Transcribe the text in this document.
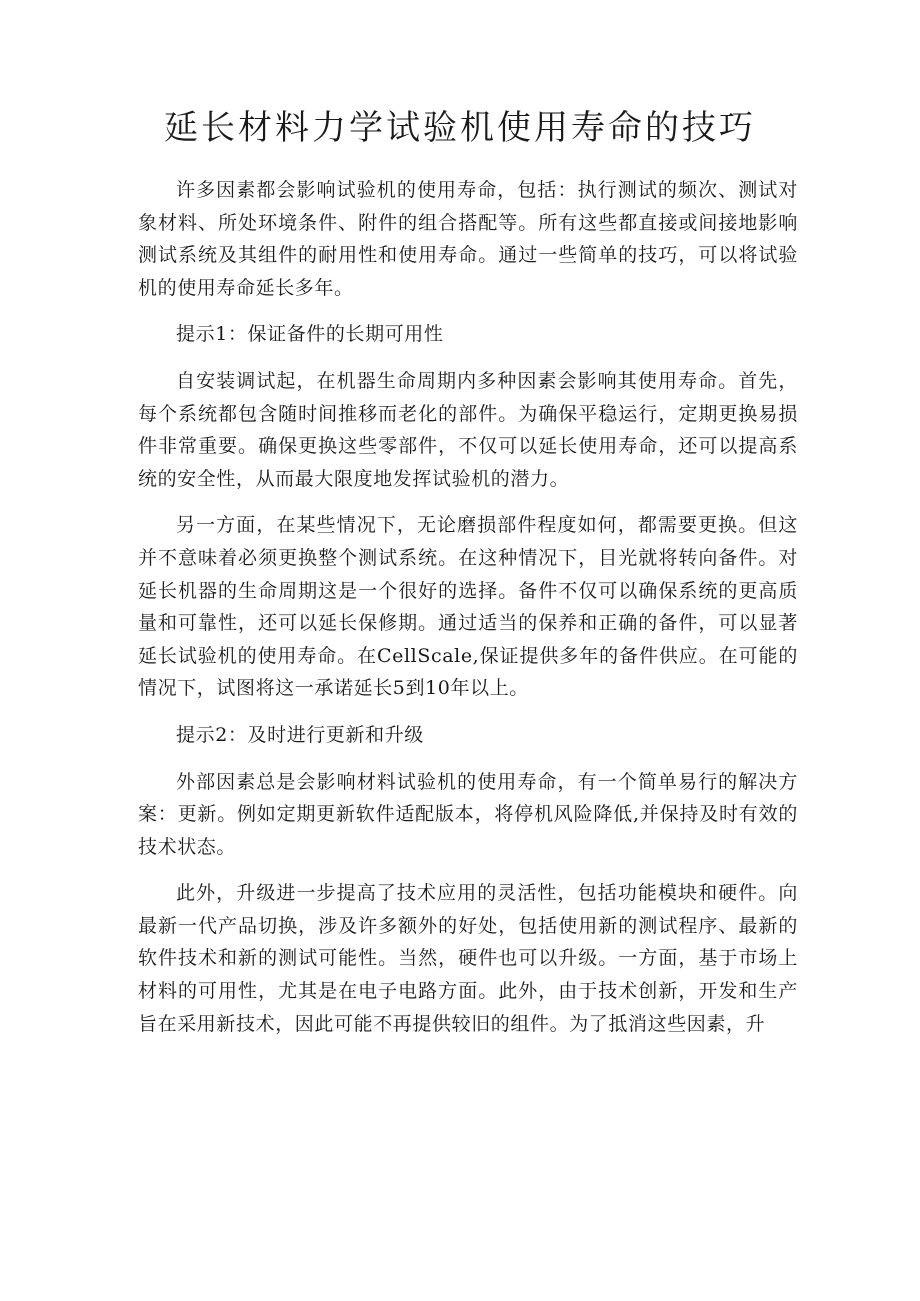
延长材料力学试验机使用寿命的技巧

许多因素都会影响试验机的使用寿命，包括：执行测试的频次、测试对象材料、所处环境条件、附件的组合搭配等。所有这些都直接或间接地影响测试系统及其组件的耐用性和使用寿命。通过一些简单的技巧，可以将试验机的使用寿命延长多年。

提示1：保证备件的长期可用性

自安装调试起，在机器生命周期内多种因素会影响其使用寿命。首先，每个系统都包含随时间推移而老化的部件。为确保平稳运行，定期更换易损件非常重要。确保更换这些零部件，不仅可以延长使用寿命，还可以提高系统的安全性，从而最大限度地发挥试验机的潜力。

另一方面，在某些情况下，无论磨损部件程度如何，都需要更换。但这并不意味着必须更换整个测试系统。在这种情况下，目光就将转向备件。对延长机器的生命周期这是一个很好的选择。备件不仅可以确保系统的更高质量和可靠性，还可以延长保修期。通过适当的保养和正确的备件，可以显著延长试验机的使用寿命。在CellScale,保证提供多年的备件供应。在可能的情况下，试图将这一承诺延长5到10年以上。

提示2：及时进行更新和升级

外部因素总是会影响材料试验机的使用寿命，有一个简单易行的解决方案：更新。例如定期更新软件适配版本，将停机风险降低,并保持及时有效的技术状态。

此外，升级进一步提高了技术应用的灵活性，包括功能模块和硬件。向最新一代产品切换，涉及许多额外的好处，包括使用新的测试程序、最新的软件技术和新的测试可能性。当然，硬件也可以升级。一方面，基于市场上材料的可用性，尤其是在电子电路方面。此外，由于技术创新，开发和生产旨在采用新技术，因此可能不再提供较旧的组件。为了抵消这些因素，升
